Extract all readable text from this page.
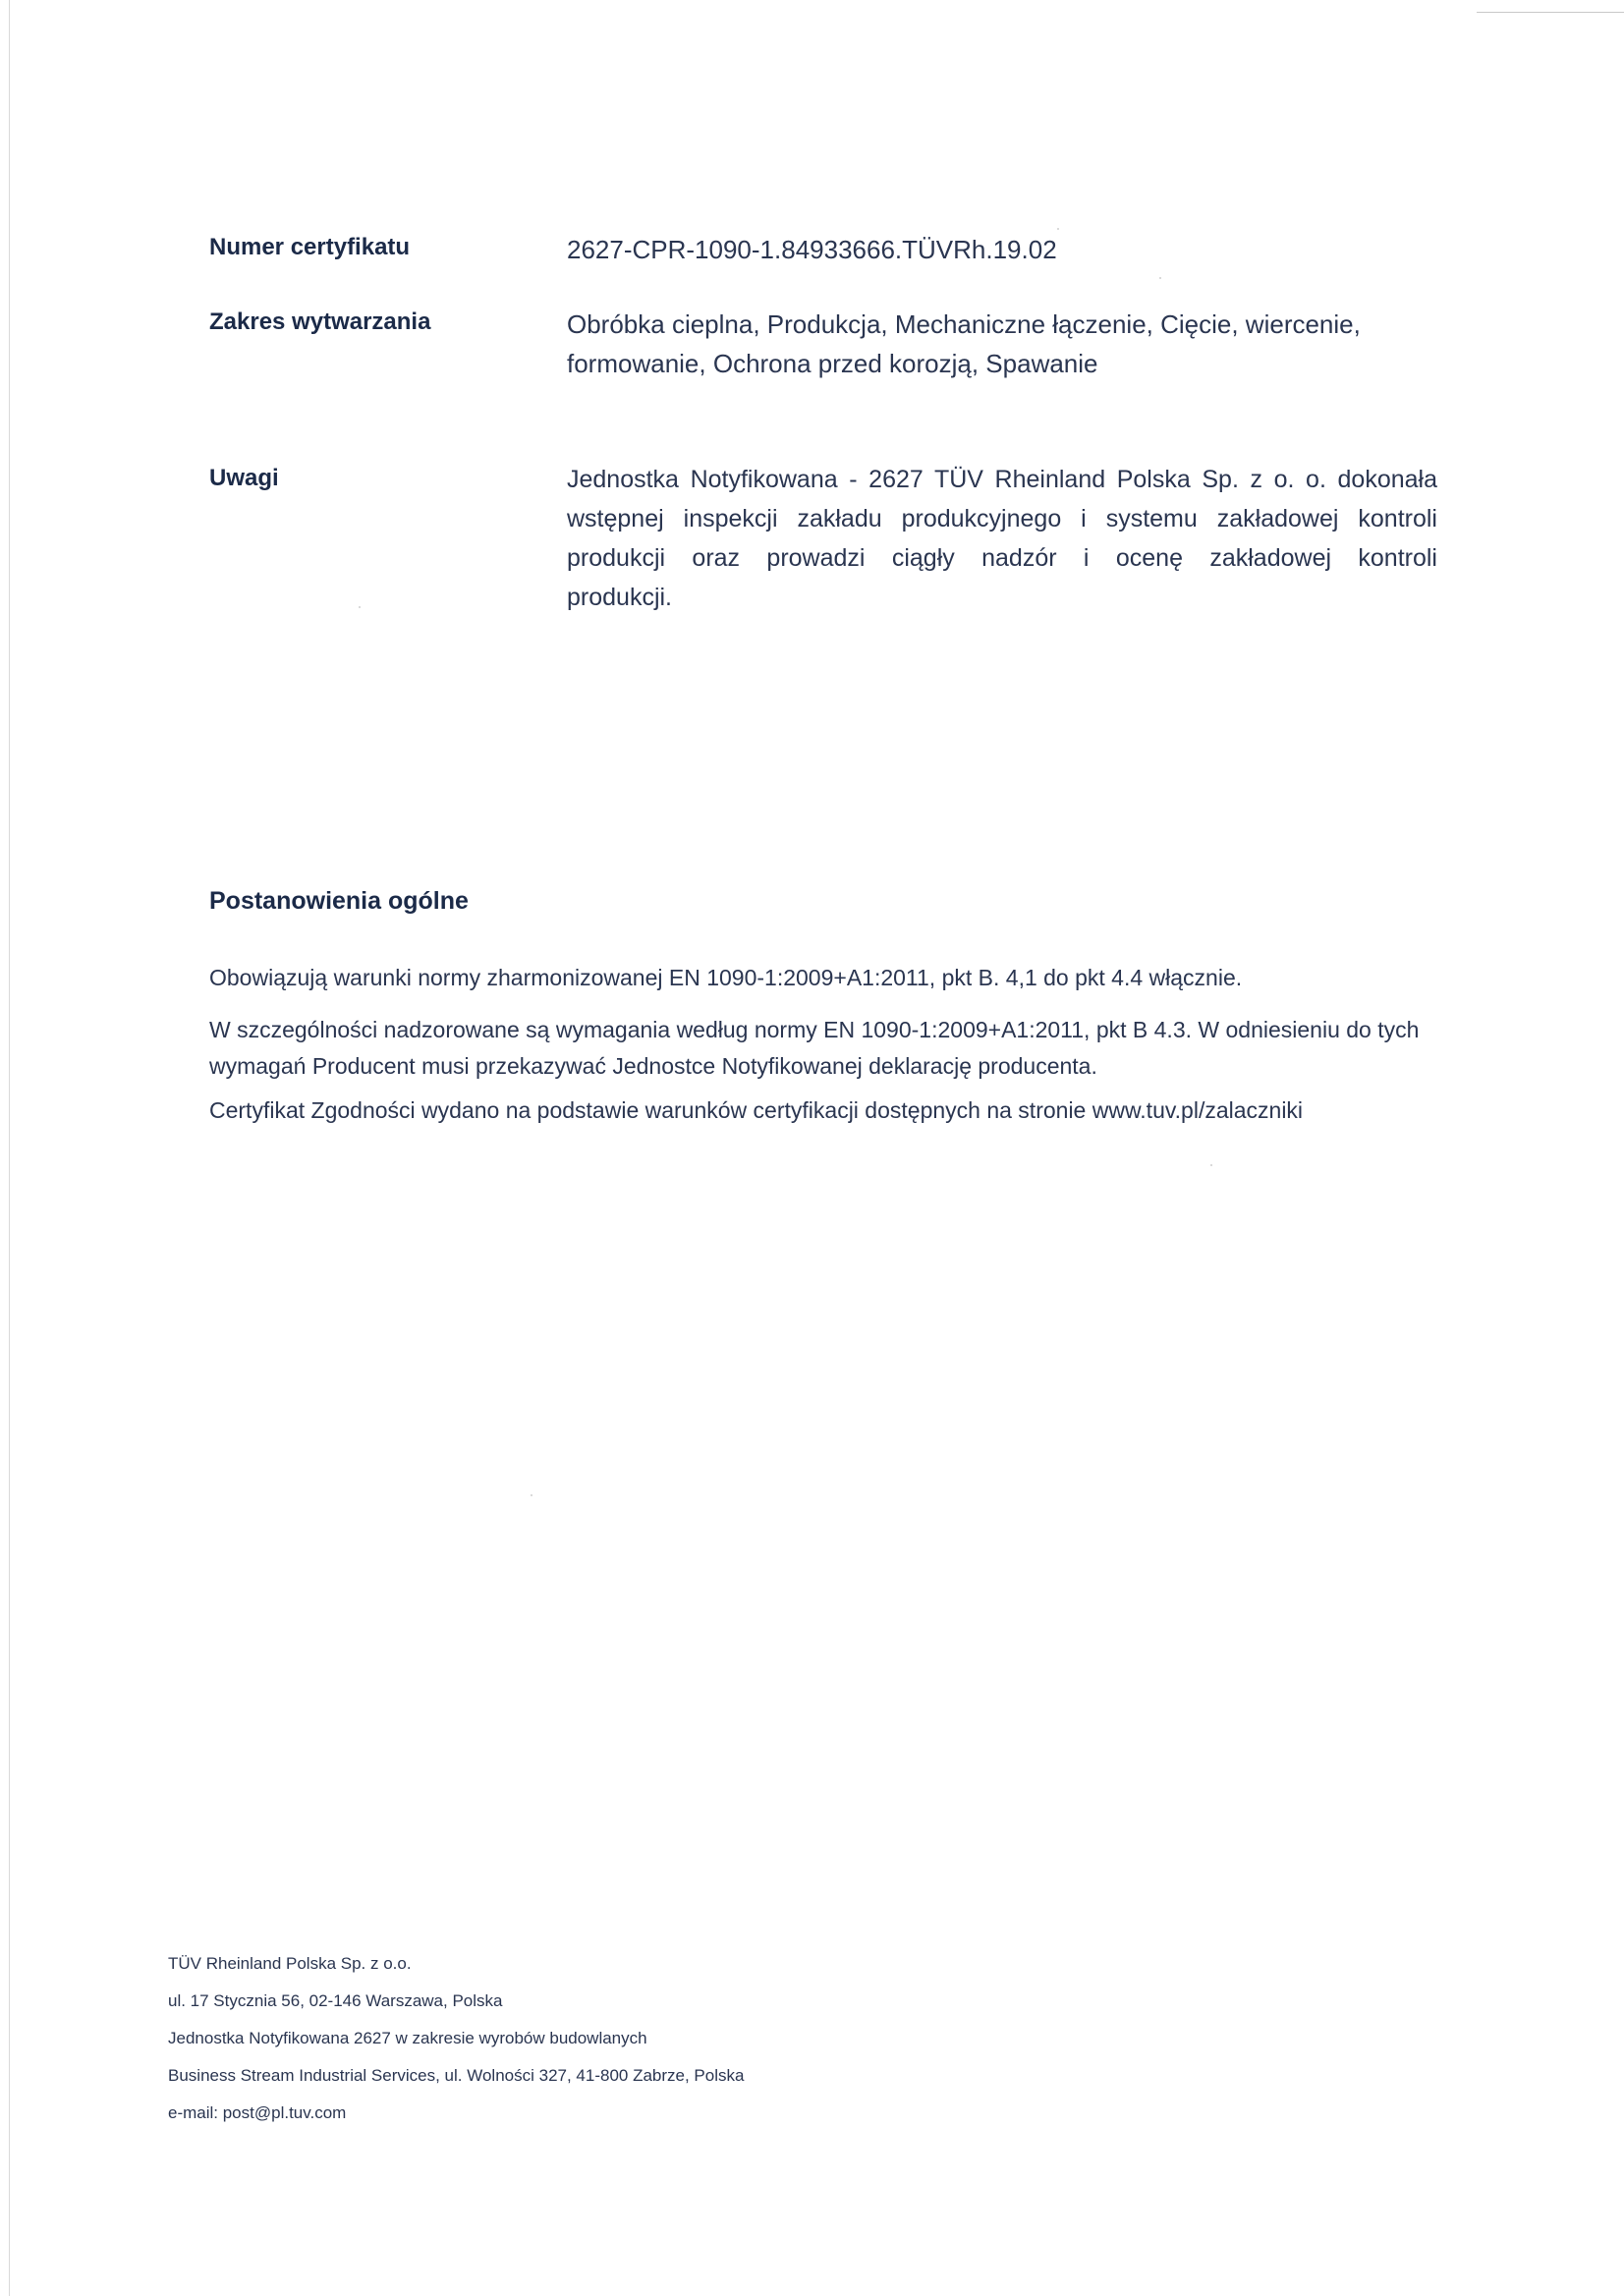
Numer certyfikatu	2627-CPR-1090-1.84933666.TÜVRh.19.02
Zakres wytwarzania	Obróbka cieplna, Produkcja, Mechaniczne łączenie, Cięcie, wiercenie,
formowanie, Ochrona przed korozją, Spawanie
Uwagi	Jednostka Notyfikowana - 2627 TÜV Rheinland Polska Sp. z o. o. dokonała
wstępnej inspekcji zakładu produkcyjnego i systemu zakładowej kontroli
produkcji oraz prowadzi ciągły nadzór i ocenę zakładowej kontroli
produkcji.
Postanowienia ogólne
Obowiązują warunki normy zharmonizowanej EN 1090-1:2009+A1:2011, pkt B. 4,1 do pkt 4.4 włącznie.
W szczególności nadzorowane są wymagania według normy EN 1090-1:2009+A1:2011, pkt B 4.3. W odniesieniu do tych wymagań Producent musi przekazywać Jednostce Notyfikowanej deklarację producenta.
Certyfikat Zgodności wydano na podstawie warunków certyfikacji dostępnych na stronie www.tuv.pl/zalaczniki
TÜV Rheinland Polska Sp. z o.o.
ul. 17 Stycznia 56, 02-146 Warszawa, Polska
Jednostka Notyfikowana 2627 w zakresie wyrobów budowlanych
Business Stream Industrial Services, ul. Wolności 327, 41-800 Zabrze, Polska
e-mail: post@pl.tuv.com
